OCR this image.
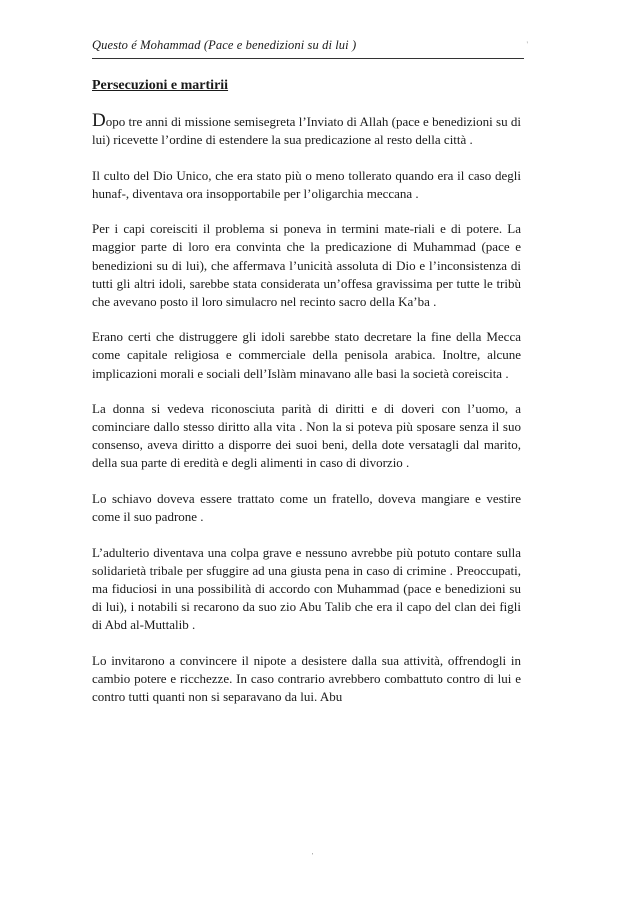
Questo é Mohammad (Pace e benedizioni su di lui )	'
Persecuzioni e martirii

Dopo tre anni di missione semisegreta l’Inviato di Allah (pace e benedizioni su di lui) ricevette l’ordine di estendere la sua predicazione al resto della città .

Il culto del Dio Unico, che era stato più o meno tollerato quando era il caso degli hunaf-, diventava ora insopportabile per l’oligarchia meccana .

Per i capi coreisciti il problema si poneva in termini mate-riali e di potere. La maggior parte di loro era convinta che la predicazione di Muhammad (pace e benedizioni su di lui), che affermava l’unicità assoluta di Dio e l’inconsistenza di tutti gli altri idoli, sarebbe stata considerata un’offesa gravissima per tutte le tribù che avevano posto il loro simulacro nel recinto sacro della Ka’ba .

Erano certi che distruggere gli idoli sarebbe stato decretare la fine della Mecca come capitale religiosa e commerciale della penisola arabica. Inoltre, alcune implicazioni morali e sociali dell’Islàm minavano alle basi la società coreiscita .

La donna si vedeva riconosciuta parità di diritti e di doveri con l’uomo, a cominciare dallo stesso diritto alla vita . Non la si poteva più sposare senza il suo consenso, aveva diritto a disporre dei suoi beni, della dote versatagli dal marito, della sua parte di eredità e degli alimenti in caso di divorzio .

Lo schiavo doveva essere trattato come un fratello, doveva mangiare e vestire come il suo padrone .

L’adulterio diventava una colpa grave e nessuno avrebbe più potuto contare sulla solidarietà tribale per sfuggire ad una giusta pena in caso di crimine . Preoccupati, ma fiduciosi in una possibilità di accordo con Muhammad (pace e benedizioni su di lui), i notabili si recarono da suo zio Abu Talib che era il capo del clan dei figli di Abd al-Muttalib .

Lo invitarono a convincere il nipote a desistere dalla sua attività, offrendogli in cambio potere e ricchezze. In caso contrario avrebbero combattuto contro di lui e contro tutti quanti non si separavano da lui. Abu

'
